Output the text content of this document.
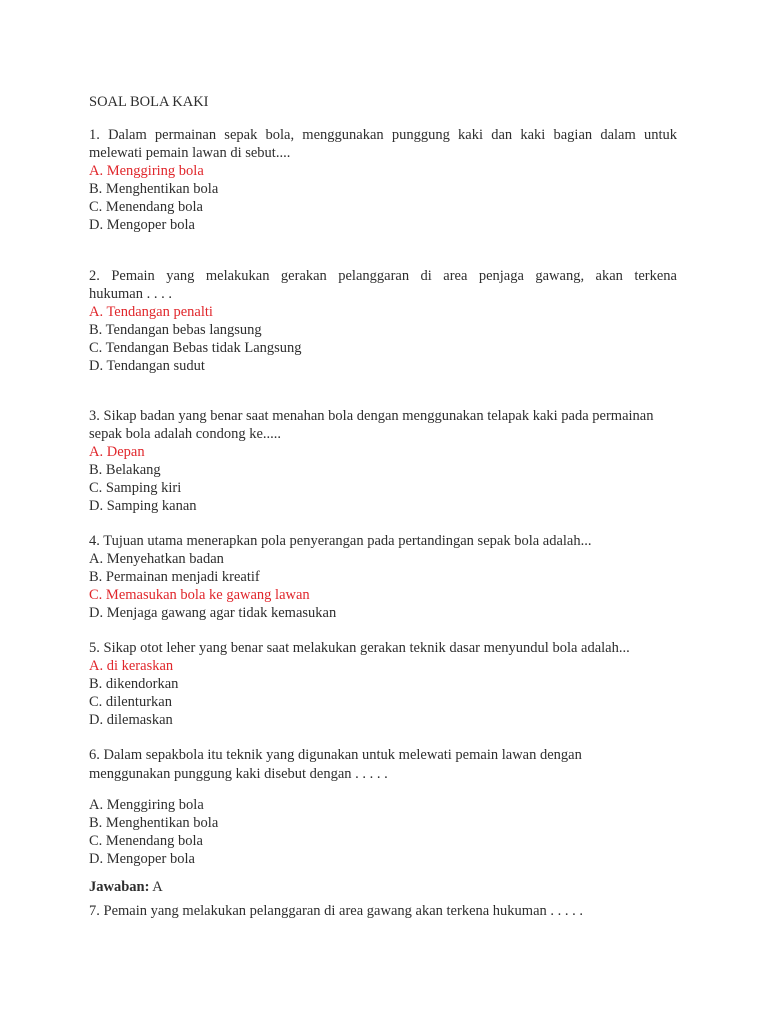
SOAL BOLA KAKI
1. Dalam permainan sepak bola, menggunakan punggung kaki dan kaki bagian dalam untuk
melewati pemain lawan di sebut....
A. Menggiring bola
B. Menghentikan bola
C. Menendang bola
D. Mengoper bola
2. Pemain yang melakukan gerakan pelanggaran di area penjaga gawang, akan terkena
hukuman . . . .
A. Tendangan penalti
B. Tendangan bebas langsung
C. Tendangan Bebas tidak Langsung
D. Tendangan sudut
3. Sikap badan yang benar saat menahan bola dengan menggunakan telapak kaki pada permainan
sepak bola adalah condong ke.....
A. Depan
B. Belakang
C. Samping kiri
D. Samping kanan
4. Tujuan utama menerapkan pola penyerangan pada pertandingan sepak bola adalah...
A. Menyehatkan badan
B. Permainan menjadi kreatif
C. Memasukan bola ke gawang lawan
D. Menjaga gawang agar tidak kemasukan
5. Sikap otot leher yang benar saat melakukan gerakan teknik dasar menyundul bola adalah...
A. di keraskan
B. dikendorkan
C. dilenturkan
D. dilemaskan
6. Dalam sepakbola itu teknik yang digunakan untuk melewati pemain lawan dengan
menggunakan punggung kaki disebut dengan . . . . .
A. Menggiring bola
B. Menghentikan bola
C. Menendang bola
D. Mengoper bola
Jawaban: A
7. Pemain yang melakukan pelanggaran di area gawang akan terkena hukuman . . . . .
